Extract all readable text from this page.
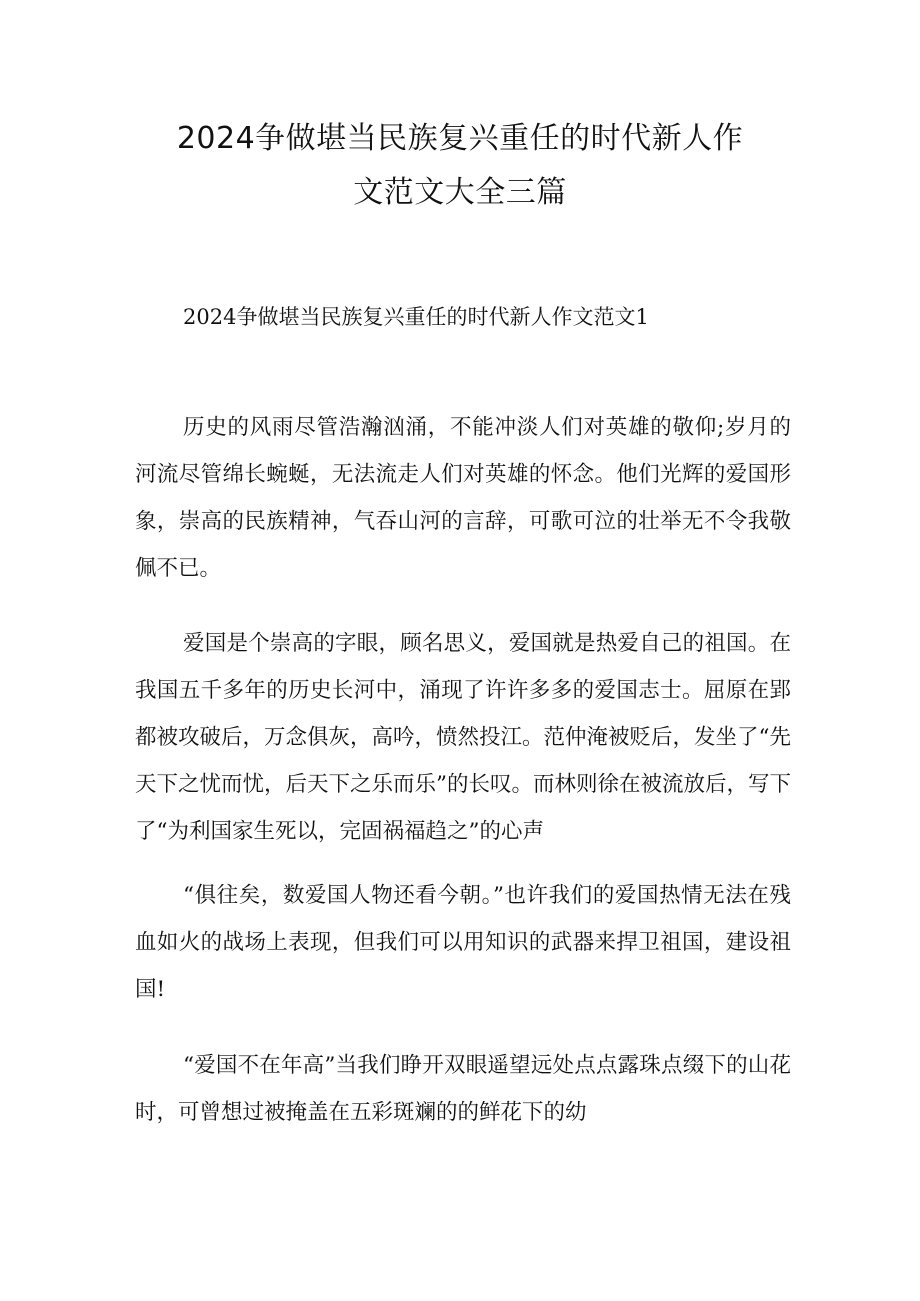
2024争做堪当民族复兴重任的时代新人作
文范文大全三篇
2024争做堪当民族复兴重任的时代新人作文范文1

历史的风雨尽管浩瀚汹涌，不能冲淡人们对英雄的敬仰;岁月的河流尽管绵长蜿蜒，无法流走人们对英雄的怀念。他们光辉的爱国形象，崇高的民族精神，气吞山河的言辞，可歌可泣的壮举无不令我敬佩不已。

爱国是个崇高的字眼，顾名思义，爱国就是热爱自己的祖国。在我国五千多年的历史长河中，涌现了许许多多的爱国志士。屈原在郢都被攻破后，万念俱灰，高吟，愤然投江。范仲淹被贬后，发坐了“先天下之忧而忧，后天下之乐而乐”的长叹。而林则徐在被流放后，写下了“为利国家生死以，完固祸福趋之”的心声

“俱往矣，数爱国人物还看今朝。”也许我们的爱国热情无法在残血如火的战场上表现，但我们可以用知识的武器来捍卫祖国，建设祖国!

“爱国不在年高”当我们睁开双眼遥望远处点点露珠点缀下的山花时，可曾想过被掩盖在五彩斑斓的的鲜花下的幼
